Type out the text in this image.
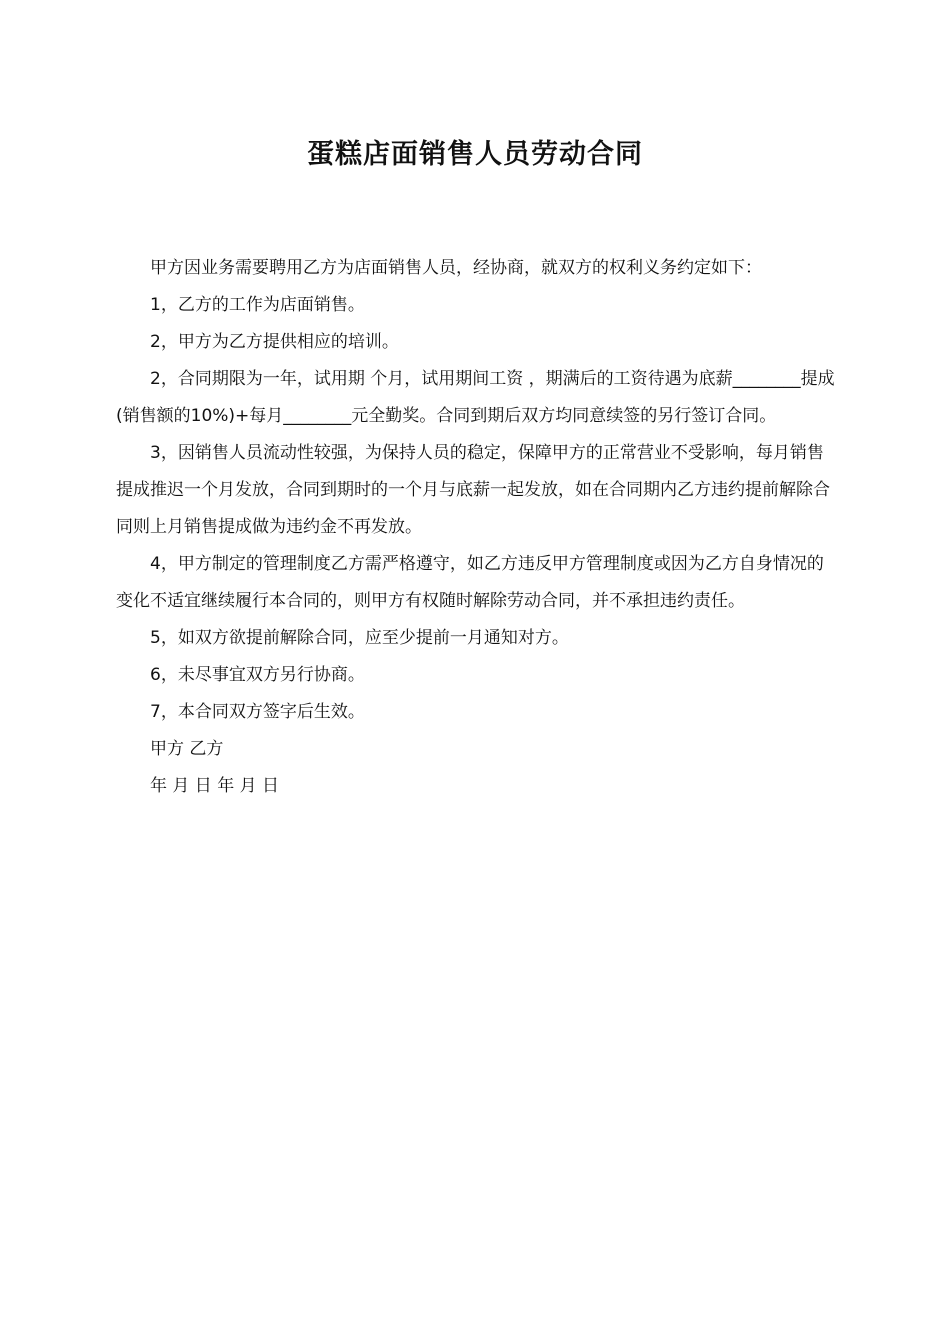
蛋糕店面销售人员劳动合同

甲方因业务需要聘用乙方为店面销售人员，经协商，就双方的权利义务约定如下：

1，乙方的工作为店面销售。

2，甲方为乙方提供相应的培训。

2，合同期限为一年，试用期 个月，试用期间工资 ，期满后的工资待遇为底薪________提成(销售额的10%)+每月________元全勤奖。合同到期后双方均同意续签的另行签订合同。

3，因销售人员流动性较强，为保持人员的稳定，保障甲方的正常营业不受影响，每月销售提成推迟一个月发放，合同到期时的一个月与底薪一起发放，如在合同期内乙方违约提前解除合同则上月销售提成做为违约金不再发放。

4，甲方制定的管理制度乙方需严格遵守，如乙方违反甲方管理制度或因为乙方自身情况的变化不适宜继续履行本合同的，则甲方有权随时解除劳动合同，并不承担违约责任。

5，如双方欲提前解除合同，应至少提前一月通知对方。

6，未尽事宜双方另行协商。

7，本合同双方签字后生效。

甲方 乙方

年 月 日 年 月 日
